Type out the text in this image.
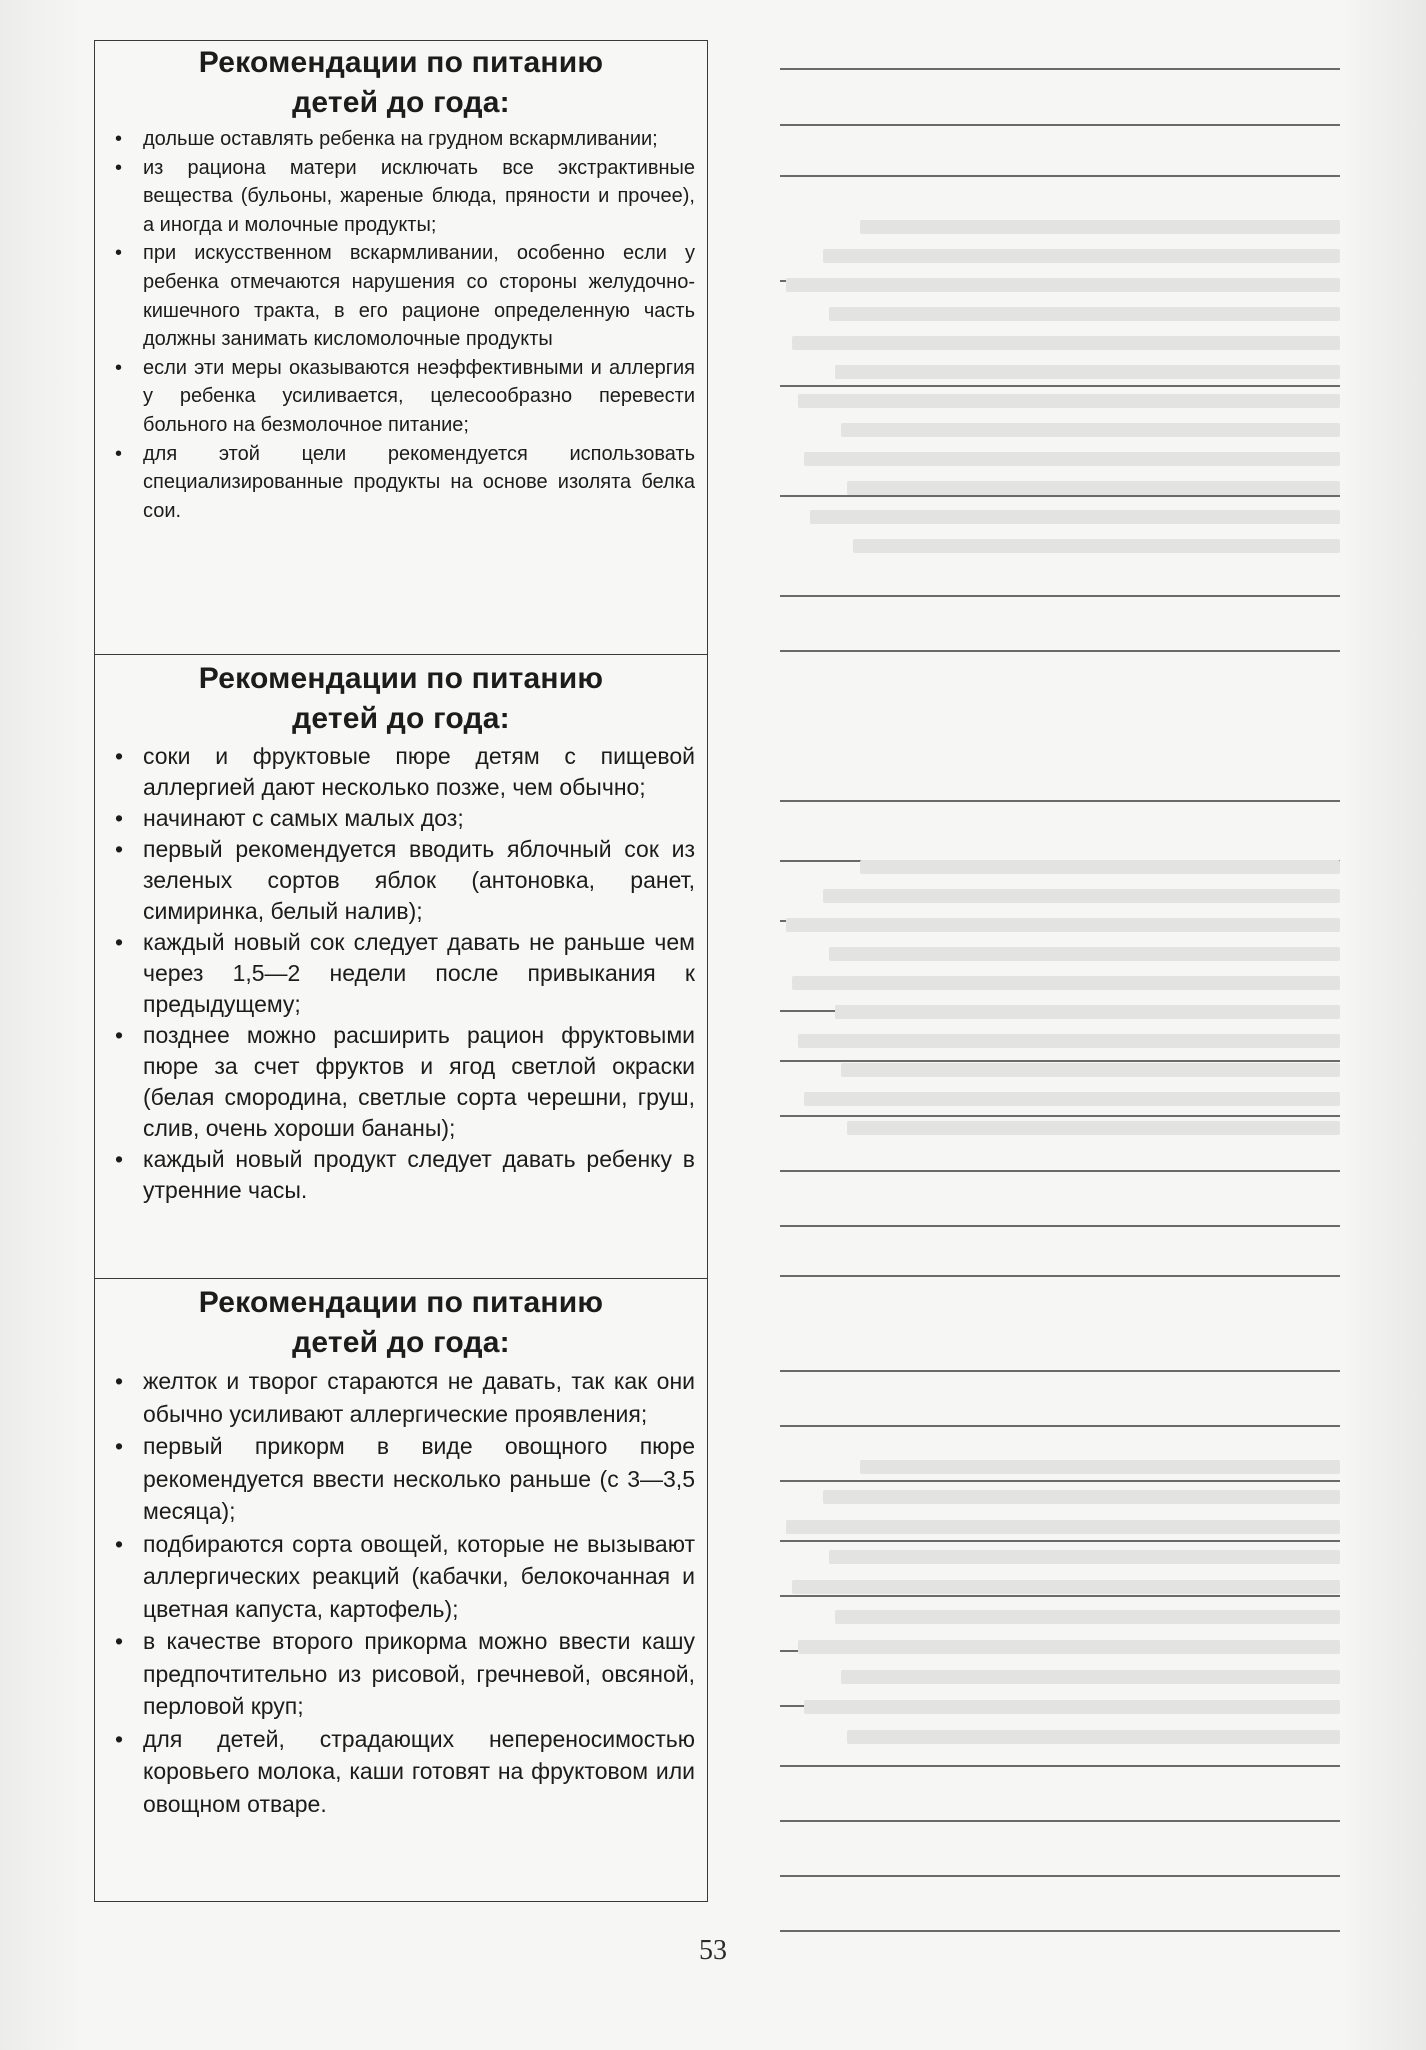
Рекомендации по питанию
детей до года:
• дольше оставлять ребенка на грудном вскармливании;
• из рациона матери исключать все экстрактивные вещества (бульоны, жареные блюда, пряности и прочее), а иногда и молочные продукты;
• при искусственном вскармливании, особенно если у ребенка отмечаются нарушения со стороны желудочно-кишечного тракта, в его рационе определенную часть должны занимать кисломолочные продукты
• если эти меры оказываются неэффективными и аллергия у ребенка усиливается, целесообразно перевести больного на безмолочное питание;
• для этой цели рекомендуется использовать специализированные продукты на основе изолята белка сои.
Рекомендации по питанию
детей до года:
• соки и фруктовые пюре детям с пищевой аллергией дают несколько позже, чем обычно;
• начинают с самых малых доз;
• первый рекомендуется вводить яблочный сок из зеленых сортов яблок (антоновка, ранет, симиринка, белый налив);
• каждый новый сок следует давать не раньше чем через 1,5—2 недели после привыкания к предыдущему;
• позднее можно расширить рацион фруктовыми пюре за счет фруктов и ягод светлой окраски (белая смородина, светлые сорта черешни, груш, слив, очень хороши бананы);
• каждый новый продукт следует давать ребенку в утренние часы.
Рекомендации по питанию
детей до года:
• желток и творог стараются не давать, так как они обычно усиливают аллергические проявления;
• первый прикорм в виде овощного пюре рекомендуется ввести несколько раньше (с 3—3,5 месяца);
• подбираются сорта овощей, которые не вызывают аллергических реакций (кабачки, белокочанная и цветная капуста, картофель);
• в качестве второго прикорма можно ввести кашу предпочтительно из рисовой, гречневой, овсяной, перловой круп;
• для детей, страдающих непереносимостью коровьего молока, каши готовят на фруктовом или овощном отваре.
53
